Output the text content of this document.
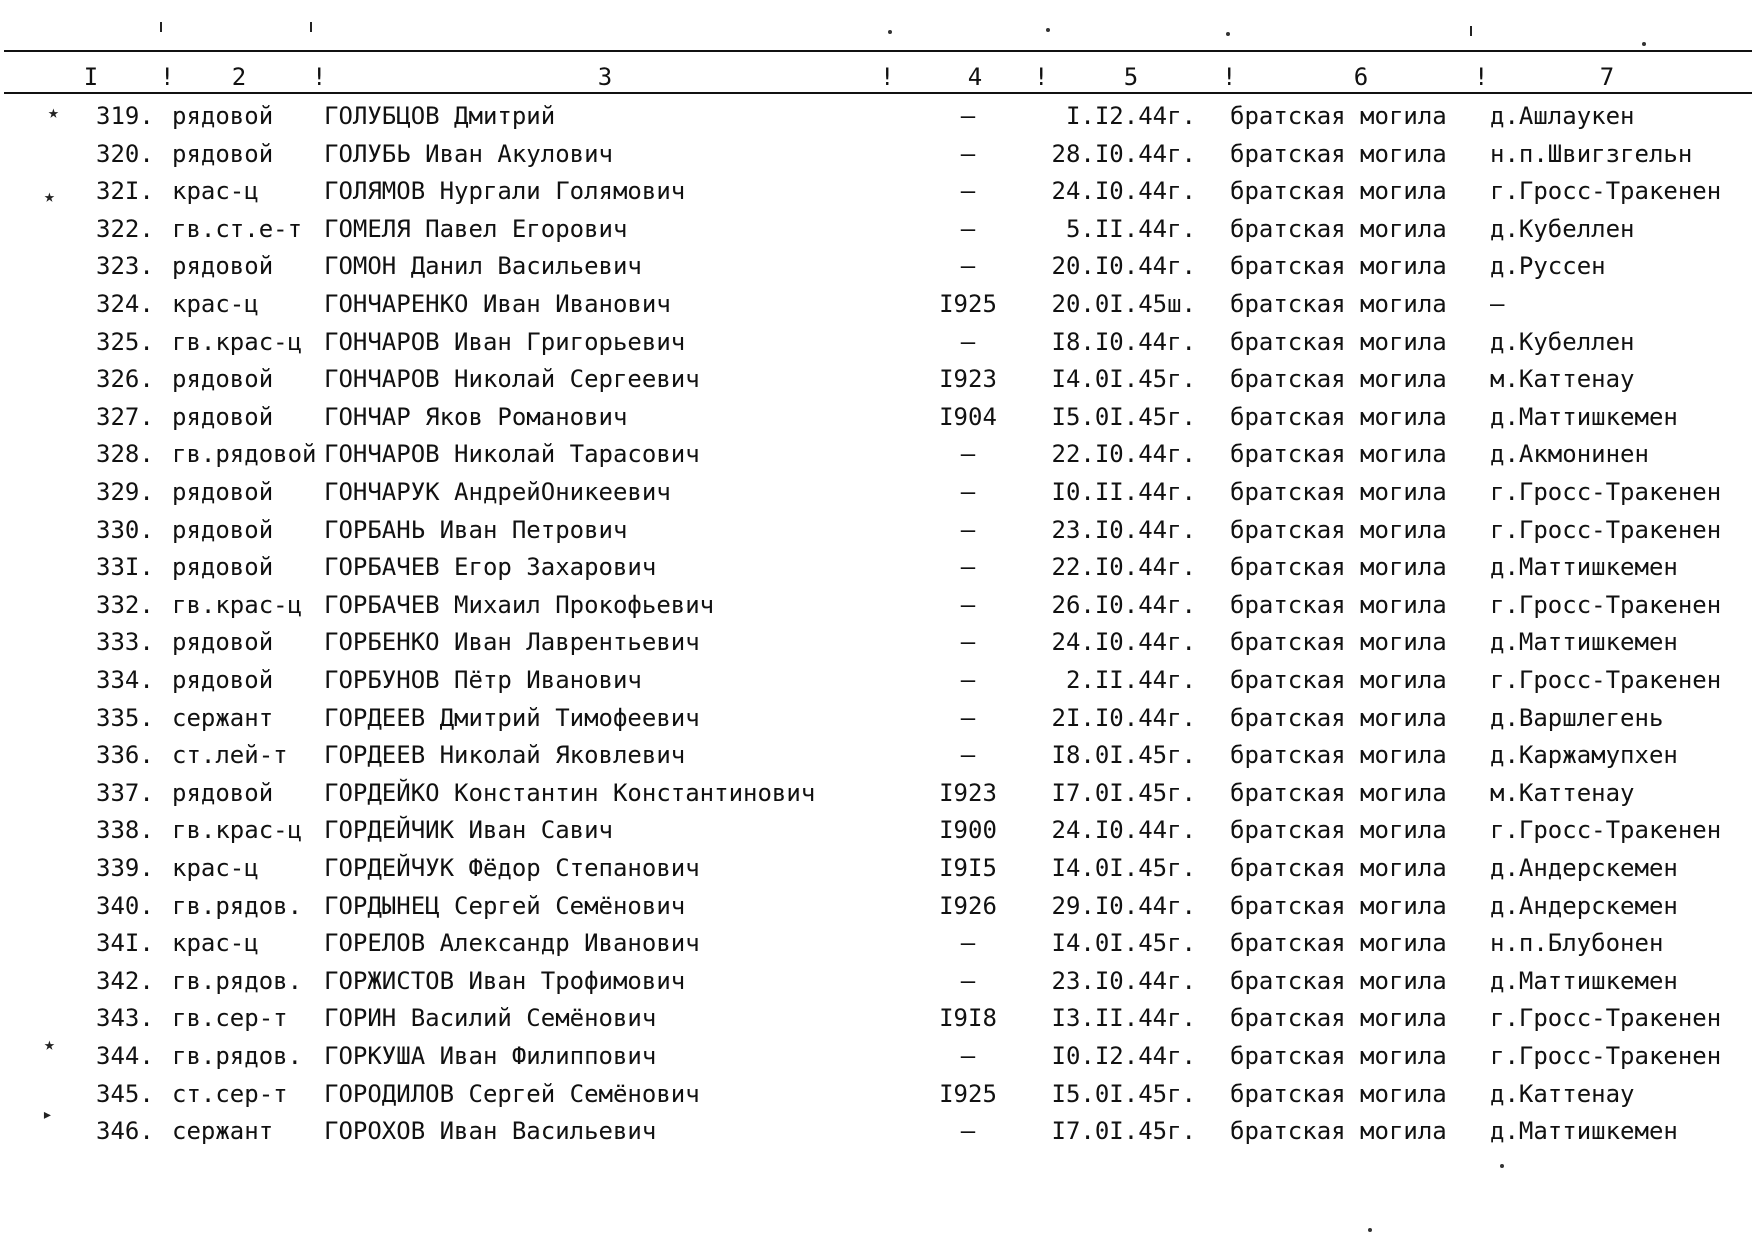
I	!	2	!	3	!	4	!	5	!	6	!	7
★
★
★
▸
319. рядовой ГОЛУБЦОВ Дмитрий	–	I.I2.44г. братская могила д.Ашлаукен
320. рядовой ГОЛУБЬ Иван Акулович	–	28.I0.44г. братская могила н.п.Швигзгельн
32I. крас-ц	ГОЛЯМОВ Нургали Голямович	–	24.I0.44г. братская могила г.Гросс-Тракенен
322. гв.ст.е-т ГОМЕЛЯ Павел Егорович	–	5.II.44г. братская могила д.Кубеллен
323. рядовой ГОМОН Данил Васильевич	–	20.I0.44г. братская могила д.Руссен
324. крас-ц	ГОНЧАРЕНКО Иван Иванович	I925	20.0I.45ш. братская могила –
325. гв.крас-ц ГОНЧАРОВ Иван Григорьевич	–	I8.I0.44г. братская могила д.Кубеллен
326. рядовой ГОНЧАРОВ Николай Сергеевич	I923	I4.0I.45г. братская могила м.Каттенау
327. рядовой ГОНЧАР Яков Романович	I904	I5.0I.45г. братская могила д.Маттишкемен
328. гв.рядовой ГОНЧАРОВ Николай Тарасович	–	22.I0.44г. братская могила д.Акмонинен
329. рядовой ГОНЧАРУК АндрейОникеевич	–	I0.II.44г. братская могила г.Гросс-Тракенен
330. рядовой ГОРБАНЬ Иван Петрович	–	23.I0.44г. братская могила г.Гросс-Тракенен
33I. рядовой ГОРБАЧЕВ Егор Захарович	–	22.I0.44г. братская могила д.Маттишкемен
332. гв.крас-ц ГОРБАЧЕВ Михаил Прокофьевич	–	26.I0.44г. братская могила г.Гросс-Тракенен
333. рядовой ГОРБЕНКО Иван Лаврентьевич	–	24.I0.44г. братская могила д.Маттишкемен
334. рядовой ГОРБУНОВ Пётр Иванович	–	2.II.44г. братская могила г.Гросс-Тракенен
335. сержант ГОРДЕЕВ Дмитрий Тимофеевич	–	2I.I0.44г. братская могила д.Варшлегень
336. ст.лей-т ГОРДЕЕВ Николай Яковлевич	–	I8.0I.45г. братская могила д.Каржамупхен
337. рядовой ГОРДЕЙКО Константин Константинович	I923	I7.0I.45г. братская могила м.Каттенау
338. гв.крас-ц ГОРДЕЙЧИК Иван Савич	I900	24.I0.44г. братская могила г.Гросс-Тракенен
339. крас-ц	ГОРДЕЙЧУК Фёдор Степанович	I9I5	I4.0I.45г. братская могила д.Андерскемен
340. гв.рядов. ГОРДЫНЕЦ Сергей Семёнович	I926	29.I0.44г. братская могила д.Андерскемен
34I. крас-ц	ГОРЕЛОВ Александр Иванович	–	I4.0I.45г. братская могила н.п.Блубонен
342. гв.рядов. ГОРЖИСТОВ Иван Трофимович	–	23.I0.44г. братская могила д.Маттишкемен
343. гв.сер-т ГОРИН Василий Семёнович	I9I8	I3.II.44г. братская могила г.Гросс-Тракенен
344. гв.рядов. ГОРКУША Иван Филиппович	–	I0.I2.44г. братская могила г.Гросс-Тракенен
345. ст.сер-т ГОРОДИЛОВ Сергей Семёнович	I925	I5.0I.45г. братская могила д.Каттенау
346. сержант ГОРОХОВ Иван Васильевич	–	I7.0I.45г. братская могила д.Маттишкемен
